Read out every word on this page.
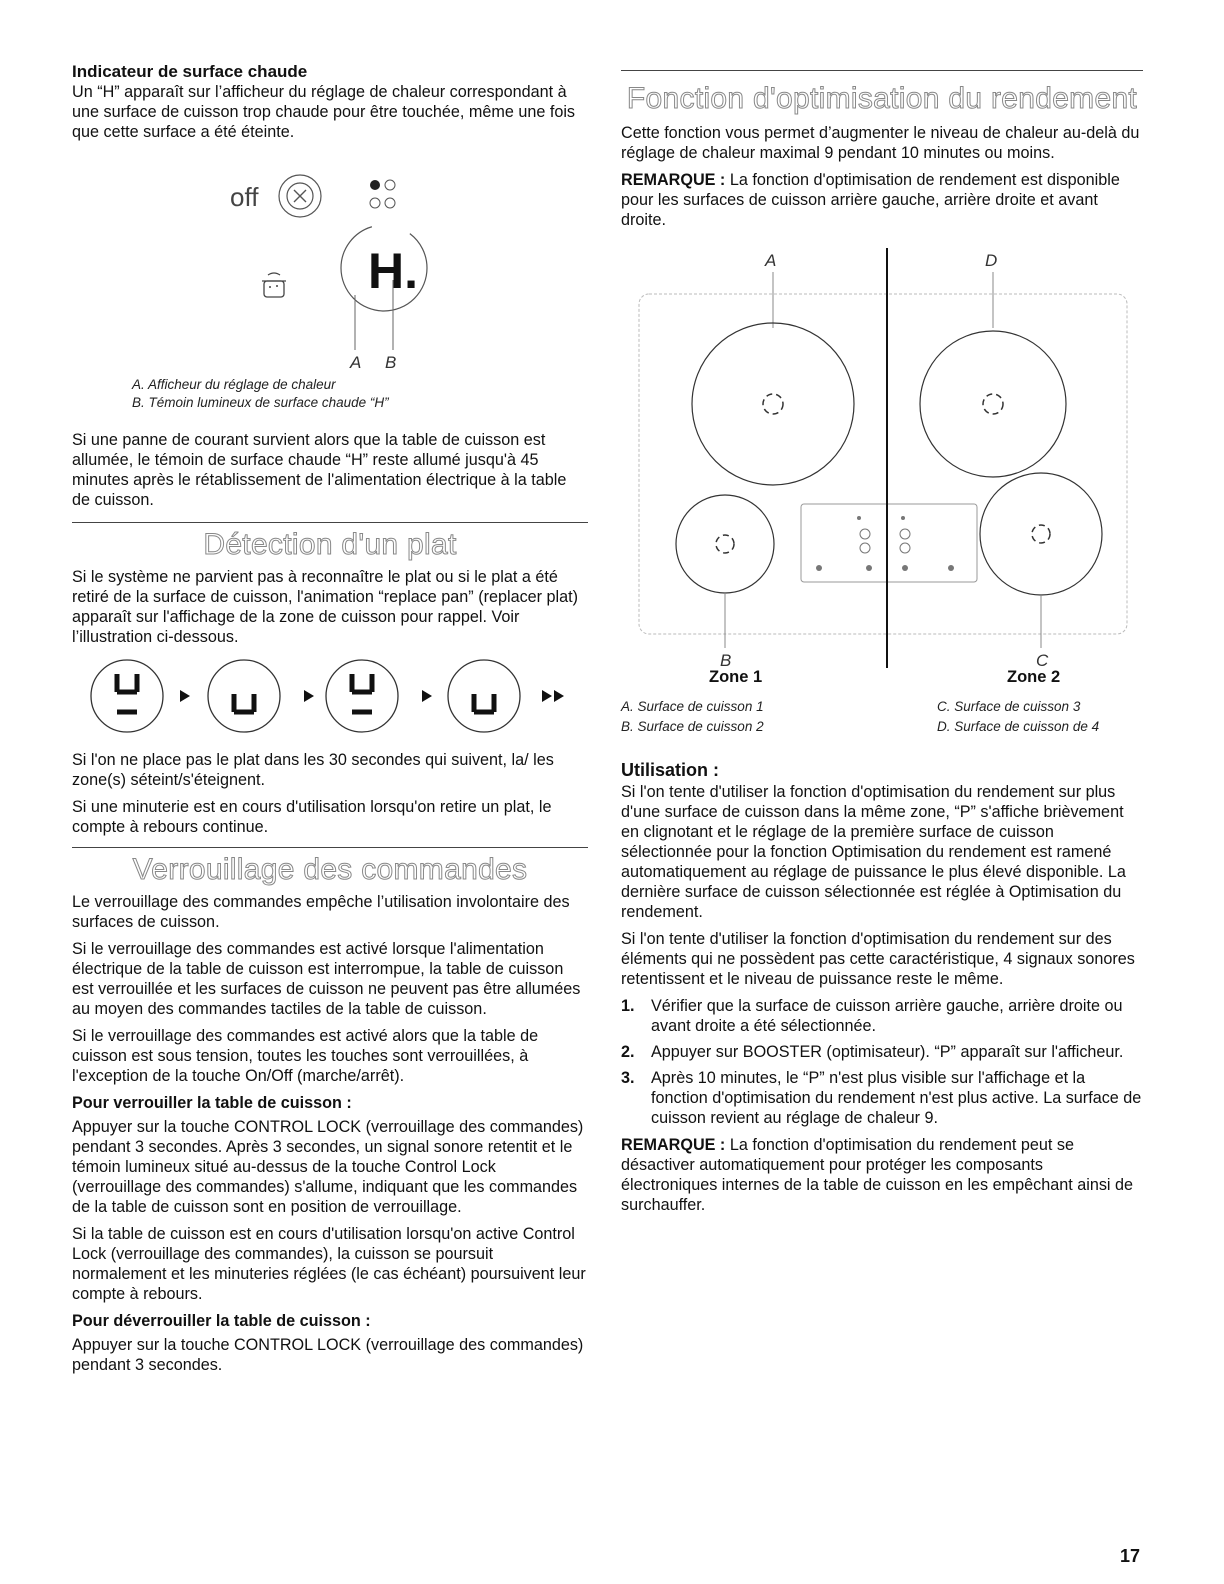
Indicateur de surface chaude

Un “H” apparaît sur l’afficheur du réglage de chaleur correspondant à une surface de cuisson trop chaude pour être touchée, même une fois que cette surface a été éteinte.

off
H.
A B
A. Afficheur du réglage de chaleur
B. Témoin lumineux de surface chaude “H”

Si une panne de courant survient alors que la table de cuisson est allumée, le témoin de surface chaude “H” reste allumé jusqu'à 45 minutes après le rétablissement de l'alimentation électrique à la table de cuisson.

Détection d'un plat

Si le système ne parvient pas à reconnaître le plat ou si le plat a été retiré de la surface de cuisson, l'animation “replace pan” (replacer plat) apparaît sur l'affichage de la zone de cuisson pour rappel. Voir l’illustration ci-dessous.

Si l'on ne place pas le plat dans les 30 secondes qui suivent, la/ les zone(s) séteint/s'éteignent.

Si une minuterie est en cours d'utilisation lorsqu'on retire un plat, le compte à rebours continue.

Verrouillage des commandes

Le verrouillage des commandes empêche l’utilisation involontaire des surfaces de cuisson.

Si le verrouillage des commandes est activé lorsque l'alimentation électrique de la table de cuisson est interrompue, la table de cuisson est verrouillée et les surfaces de cuisson ne peuvent pas être allumées au moyen des commandes tactiles de la table de cuisson.

Si le verrouillage des commandes est activé alors que la table de cuisson est sous tension, toutes les touches sont verrouillées, à l'exception de la touche On/Off (marche/arrêt).

Pour verrouiller la table de cuisson :

Appuyer sur la touche CONTROL LOCK (verrouillage des commandes) pendant 3 secondes. Après 3 secondes, un signal sonore retentit et le témoin lumineux situé au-dessus de la touche Control Lock (verrouillage des commandes) s'allume, indiquant que les commandes de la table de cuisson sont en position de verrouillage.

Si la table de cuisson est en cours d'utilisation lorsqu'on active Control Lock (verrouillage des commandes), la cuisson se poursuit normalement et les minuteries réglées (le cas échéant) poursuivent leur compte à rebours.

Pour déverrouiller la table de cuisson :

Appuyer sur la touche CONTROL LOCK (verrouillage des commandes) pendant 3 secondes.

Fonction d'optimisation du rendement

Cette fonction vous permet d’augmenter le niveau de chaleur au-delà du réglage de chaleur maximal 9 pendant 10 minutes ou moins.

REMARQUE : La fonction d'optimisation de rendement est disponible pour les surfaces de cuisson arrière gauche, arrière droite et avant droite.

A	D
B	C
Zone 1	Zone 2
A. Surface de cuisson 1
B. Surface de cuisson 2
C. Surface de cuisson 3
D. Surface de cuisson de 4
Utilisation :

Si l'on tente d'utiliser la fonction d'optimisation du rendement sur plus d'une surface de cuisson dans la même zone, “P” s'affiche brièvement en clignotant et le réglage de la première surface de cuisson sélectionnée pour la fonction Optimisation du rendement est ramené automatiquement au réglage de puissance le plus élevé disponible. La dernière surface de cuisson sélectionnée est réglée à Optimisation du rendement.

Si l'on tente d'utiliser la fonction d'optimisation du rendement sur des éléments qui ne possèdent pas cette caractéristique, 4 signaux sonores retentissent et le niveau de puissance reste le même.

1. Vérifier que la surface de cuisson arrière gauche, arrière droite ou avant droite a été sélectionnée.
2. Appuyer sur BOOSTER (optimisateur). “P” apparaît sur l'afficheur.
3. Après 10 minutes, le “P” n'est plus visible sur l'affichage et la fonction d'optimisation du rendement n'est plus active. La surface de cuisson revient au réglage de chaleur 9.

REMARQUE : La fonction d'optimisation du rendement peut se désactiver automatiquement pour protéger les composants électroniques internes de la table de cuisson en les empêchant ainsi de surchauffer.

17
